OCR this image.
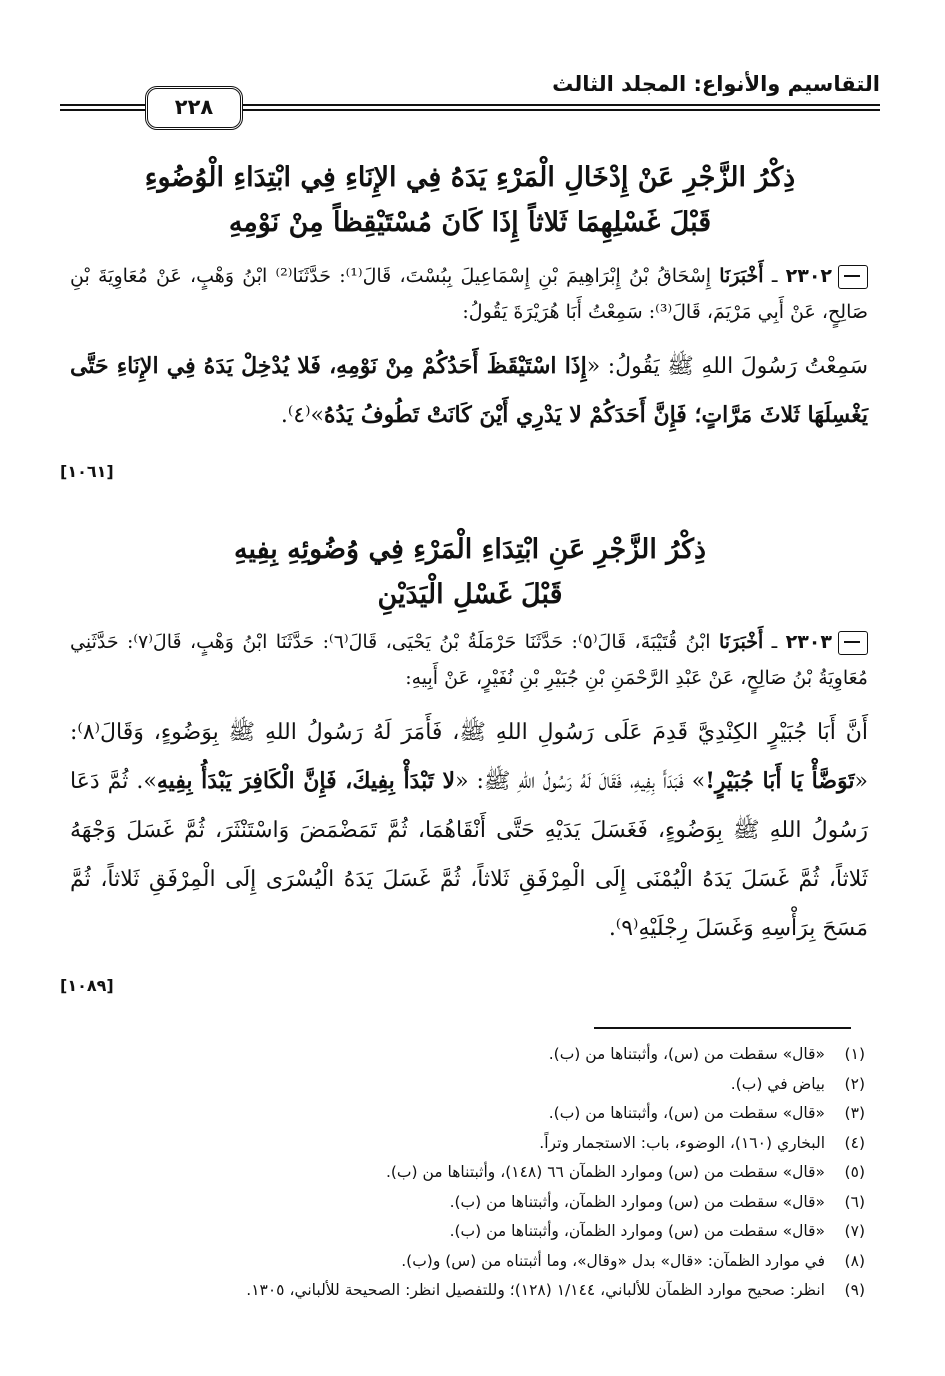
التقاسيم والأنواع: المجلد الثالث
٢٢٨
ذِكْرُ الزَّجْرِ عَنْ إِدْخَالِ الْمَرْءِ يَدَهُ فِي الإِنَاءِ فِي ابْتِدَاءِ الْوُضُوءِ
قَبْلَ غَسْلِهِمَا ثَلاثاً إِذَا كَانَ مُسْتَيْقِظاً مِنْ نَوْمِهِ
٢٣٠٢ ـ أَخْبَرَنَا إِسْحَاقُ بْنُ إِبْرَاهِيمَ بْنِ إِسْمَاعِيلَ بِبُسْتَ، قَالَ⁽¹⁾: حَدَّثَنَا⁽²⁾ ابْنُ وَهْبٍ، عَنْ مُعَاوِيَةَ بْنِ صَالِحٍ، عَنْ أَبِي مَرْيَمَ، قَالَ⁽³⁾: سَمِعْتُ أَبَا هُرَيْرَةَ يَقُولُ:
سَمِعْتُ رَسُولَ اللهِ ﷺ يَقُولُ: «إِذَا اسْتَيْقَظَ أَحَدُكُمْ مِنْ نَوْمِهِ، فَلا يُدْخِلْ يَدَهُ فِي الإِنَاءِ حَتَّى يَغْسِلَهَا ثَلاثَ مَرَّاتٍ؛ فَإِنَّ أَحَدَكُمْ لا يَدْرِي أَيْنَ كَانَتْ تَطُوفُ يَدُهُ»⁽٤⁾.
[١٠٦١]
ذِكْرُ الزَّجْرِ عَنِ ابْتِدَاءِ الْمَرْءِ فِي وُضُوئِهِ بِفِيهِ
قَبْلَ غَسْلِ الْيَدَيْنِ
٢٣٠٣ ـ أَخْبَرَنَا ابْنُ قُتَيْبَةَ، قَالَ⁽٥⁾: حَدَّثَنَا حَرْمَلَةُ بْنُ يَحْيَى، قَالَ⁽٦⁾: حَدَّثَنَا ابْنُ وَهْبٍ، قَالَ⁽٧⁾: حَدَّثَنِي مُعَاوِيَةُ بْنُ صَالِحٍ، عَنْ عَبْدِ الرَّحْمَنِ بْنِ جُبَيْرِ بْنِ نُفَيْرٍ، عَنْ أَبِيهِ:
أَنَّ أَبَا جُبَيْرٍ الكِنْدِيَّ قَدِمَ عَلَى رَسُولِ اللهِ ﷺ، فَأَمَرَ لَهُ رَسُولُ اللهِ ﷺ بِوَضُوءٍ، وَقَالَ⁽٨⁾: «تَوَضَّأْ يَا أَبَا جُبَيْرٍ!» فَبَدَأَ بِفِيهِ، فَقَالَ لَهُ رَسُولُ اللهِ ﷺ: «لا تَبْدَأْ بِفِيكَ، فَإِنَّ الْكَافِرَ يَبْدَأُ بِفِيهِ». ثُمَّ دَعَا رَسُولُ اللهِ ﷺ بِوَضُوءٍ، فَغَسَلَ يَدَيْهِ حَتَّى أَنْقَاهُمَا، ثُمَّ تَمَضْمَضَ وَاسْتَنْثَرَ، ثُمَّ غَسَلَ وَجْهَهُ ثَلاثاً، ثُمَّ غَسَلَ يَدَهُ الْيُمْنَى إِلَى الْمِرْفَقِ ثَلاثاً، ثُمَّ غَسَلَ يَدَهُ الْيُسْرَى إِلَى الْمِرْفَقِ ثَلاثاً، ثُمَّ مَسَحَ بِرَأْسِهِ وَغَسَلَ رِجْلَيْهِ⁽٩⁾.
[١٠٨٩]
(١)«قال» سقطت من (س)، وأثبتناها من (ب).
(٢)بياض في (ب).
(٣)«قال» سقطت من (س)، وأثبتناها من (ب).
(٤)البخاري (١٦٠)، الوضوء، باب: الاستجمار وتراً.
(٥)«قال» سقطت من (س) وموارد الظمآن ٦٦ (١٤٨)، وأثبتناها من (ب).
(٦)«قال» سقطت من (س) وموارد الظمآن، وأثبتناها من (ب).
(٧)«قال» سقطت من (س) وموارد الظمآن، وأثبتناها من (ب).
(٨)في موارد الظمآن: «قال» بدل «وقال»، وما أثبتناه من (س) و(ب).
(٩)انظر: صحيح موارد الظمآن للألباني، ١/١٤٤ (١٢٨)؛ وللتفصيل انظر: الصحيحة للألباني، ١٣٠٥.
